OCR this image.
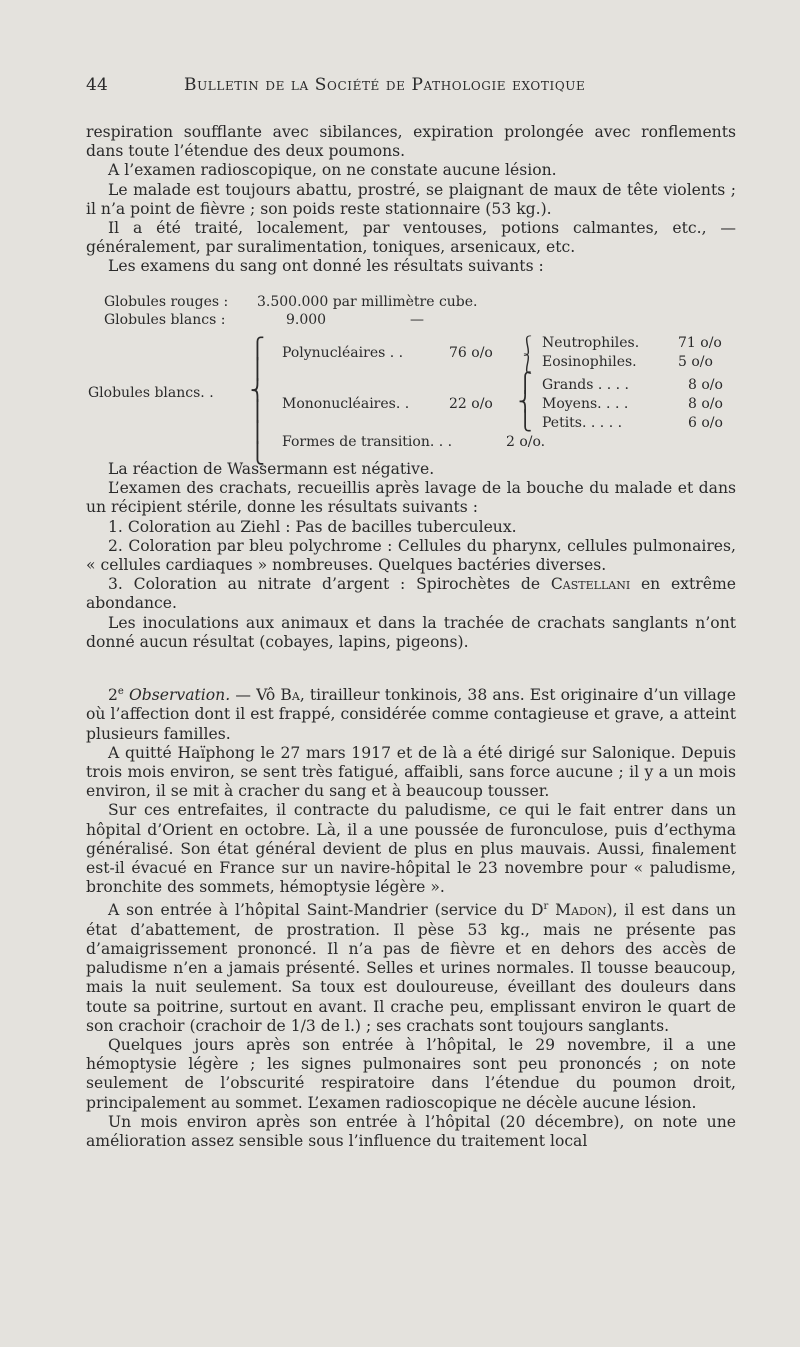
44	Bulletin de la Société de Pathologie exotique

respiration soufflante avec sibilances, expiration prolongée avec ronflements dans toute l’étendue des deux poumons.

A l’examen radioscopique, on ne constate aucune lésion.

Le malade est toujours abattu, prostré, se plaignant de maux de tête violents ; il n’a point de fièvre ; son poids reste stationnaire (53 kg.).

Il a été traité, localement, par ventouses, potions calmantes, etc., — généralement, par suralimentation, toniques, arsenicaux, etc.

Les examens du sang ont donné les résultats suivants :

Globules rouges : 3.500.000 par millimètre cube.
Globules blancs :	9.000	—
Globules blancs. .
⎧
⎪
⎨
⎪
⎪
⎩
Polynucléaires . .	76 o/o ⎰
⎱
Neutrophiles.	71 o/o
Eosinophiles.	5 o/o
Mononucléaires. .	22 o/o
⎧
⎨
⎩
Grands . . . .	8 o/o
Moyens. . . .	8 o/o
Petits. . . . .	6 o/o
Formes de transition. . .	2 o/o.

La réaction de Wassermann est négative.

L’examen des crachats, recueillis après lavage de la bouche du malade et dans un récipient stérile, donne les résultats suivants :

1. Coloration au Ziehl : Pas de bacilles tuberculeux.

2. Coloration par bleu polychrome : Cellules du pharynx, cellules pulmonaires, « cellules cardiaques » nombreuses. Quelques bactéries diverses.

3. Coloration au nitrate d’argent : Spirochètes de Castellani en extrême abondance.

Les inoculations aux animaux et dans la trachée de crachats sanglants n’ont donné aucun résultat (cobayes, lapins, pigeons).

2e Observation. — Vô Ba, tirailleur tonkinois, 38 ans. Est originaire d’un village où l’affection dont il est frappé, considérée comme contagieuse et grave, a atteint plusieurs familles.

A quitté Haïphong le 27 mars 1917 et de là a été dirigé sur Salonique. Depuis trois mois environ, se sent très fatigué, affaibli, sans force aucune ; il y a un mois environ, il se mit à cracher du sang et à beaucoup tousser.

Sur ces entrefaites, il contracte du paludisme, ce qui le fait entrer dans un hôpital d’Orient en octobre. Là, il a une poussée de furonculose, puis d’ecthyma généralisé. Son état général devient de plus en plus mauvais. Aussi, finalement est-il évacué en France sur un navire-hôpital le 23 novembre pour « paludisme, bronchite des sommets, hémoptysie légère ».

A son entrée à l’hôpital Saint-Mandrier (service du $D^r$ Madon), il est dans un état d’abattement, de prostration. Il pèse 53 kg., mais ne présente pas d’amaigrissement prononcé. Il n’a pas de fièvre et en dehors des accès de paludisme n’en a jamais présenté. Selles et urines normales. Il tousse beaucoup, mais la nuit seulement. Sa toux est douloureuse, éveillant des douleurs dans toute sa poitrine, surtout en avant. Il crache peu, emplissant environ le quart de son crachoir (crachoir de 1/3 de l.) ; ses crachats sont toujours sanglants.

Quelques jours après son entrée à l’hôpital, le 29 novembre, il a une hémoptysie légère ; les signes pulmonaires sont peu prononcés ; on note seulement de l’obscurité respiratoire dans l’étendue du poumon droit, principalement au sommet. L’examen radioscopique ne décèle aucune lésion.

Un mois environ après son entrée à l’hôpital (20 décembre), on note une amélioration assez sensible sous l’influence du traitement local
